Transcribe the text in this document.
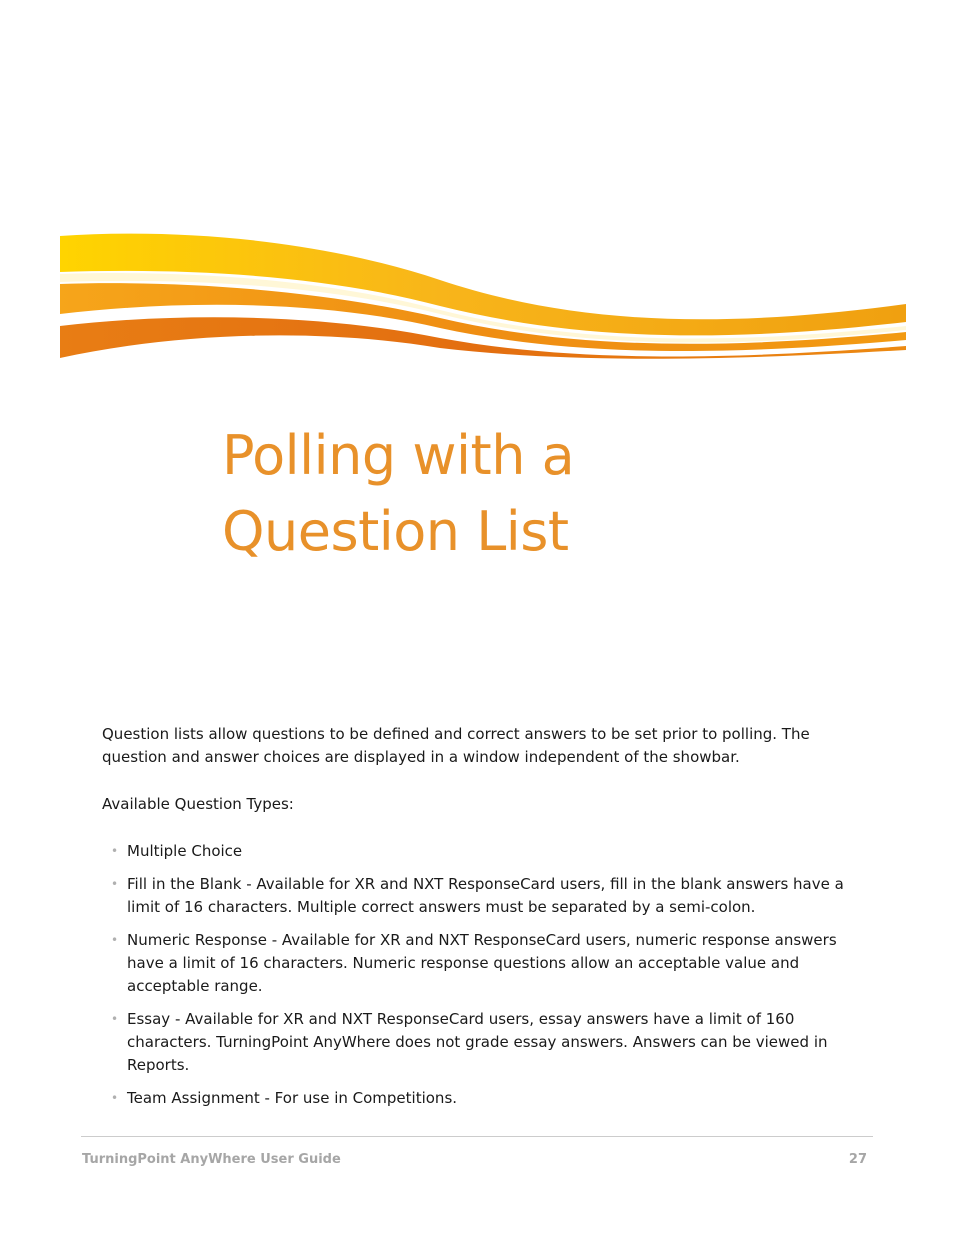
Polling with a
Question List

Question lists allow questions to be defined and correct answers to be set prior to polling. The question and answer choices are displayed in a window independent of the showbar.

Available Question Types:

• Multiple Choice
• Fill in the Blank - Available for XR and NXT ResponseCard users, fill in the blank answers have a limit of 16 characters. Multiple correct answers must be separated by a semi-colon.
• Numeric Response - Available for XR and NXT ResponseCard users, numeric response answers have a limit of 16 characters. Numeric response questions allow an acceptable value and acceptable range.
• Essay - Available for XR and NXT ResponseCard users, essay answers have a limit of 160 characters. TurningPoint AnyWhere does not grade essay answers. Answers can be viewed in Reports.
• Team Assignment - For use in Competitions.
TurningPoint AnyWhere User Guide	27
